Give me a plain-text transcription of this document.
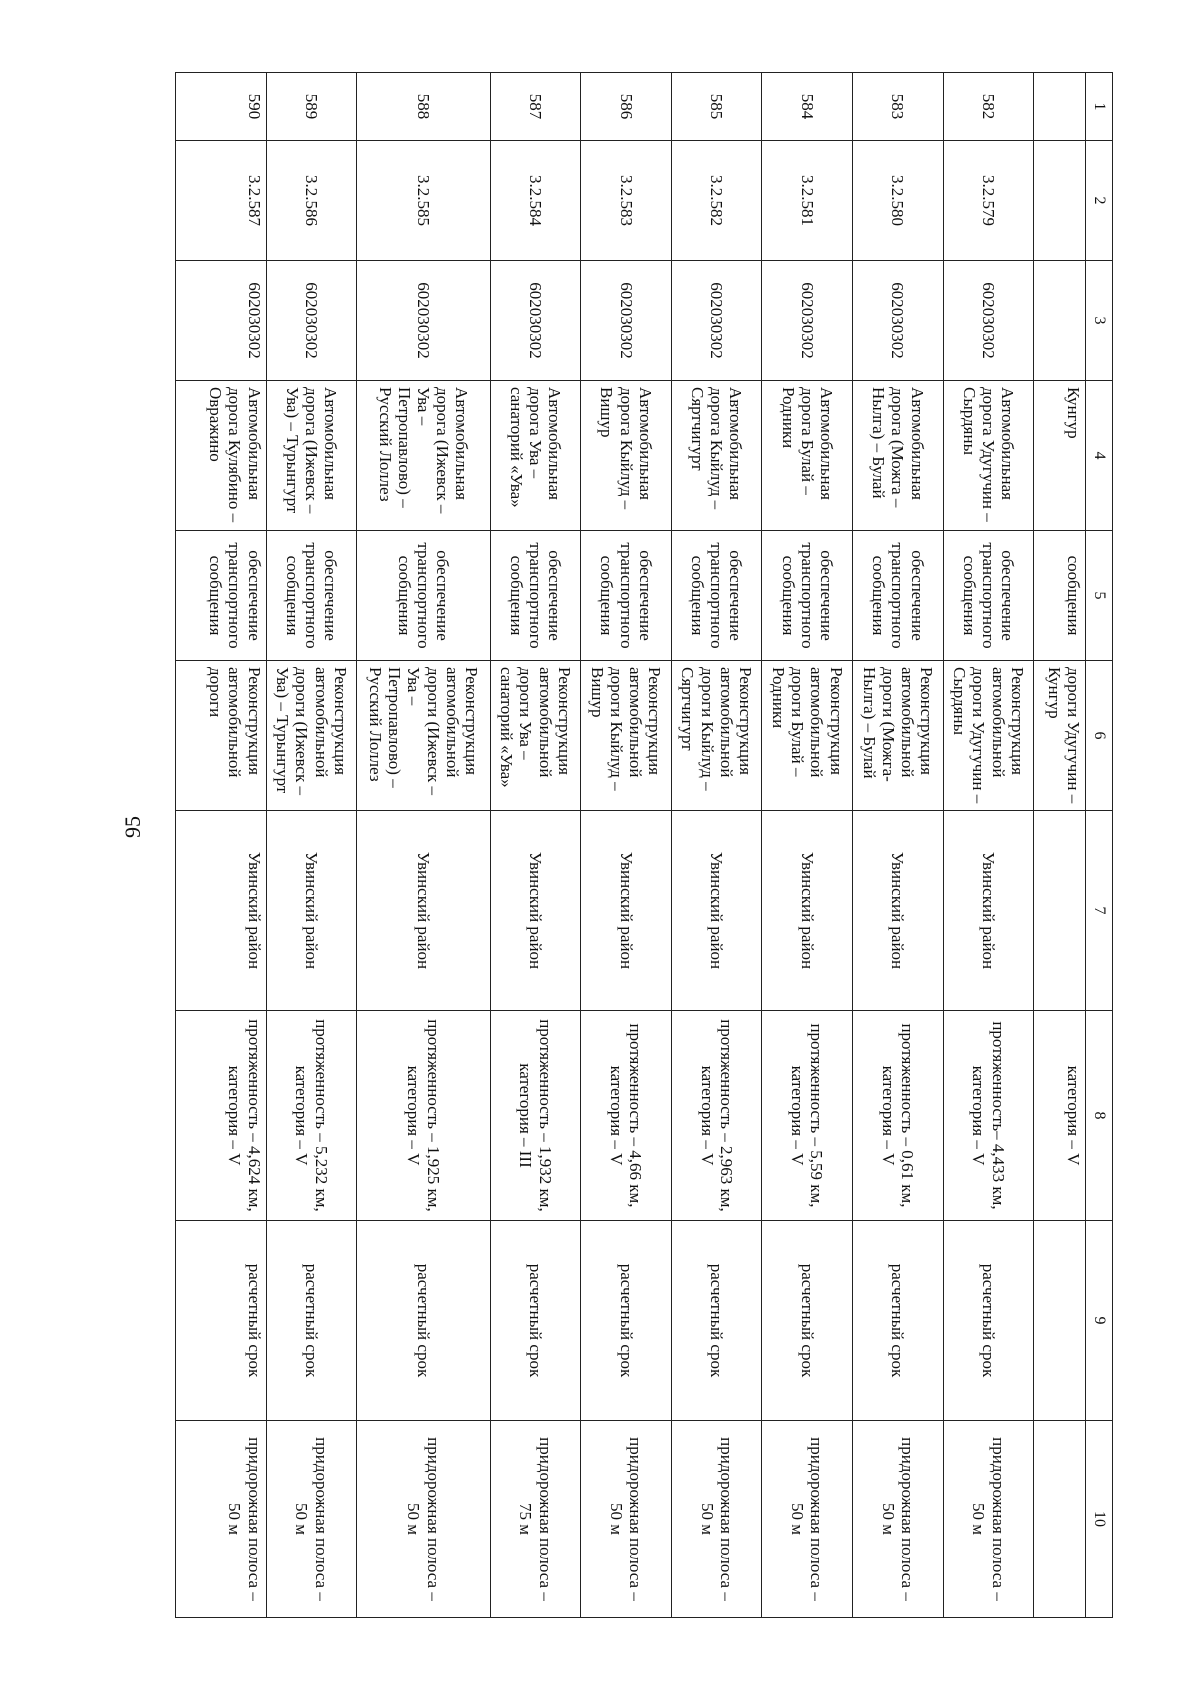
95
1	2	3	4	5	6	7	8	9	10
			Кунгур	сообщения	дороги Удугучин – Кунгур		категория – V		
582	3.2.579	602030302	Автомобильная дорога Удугучин – Сырдяны	обеспечение транспортного сообщения	Реконструкция автомобильной дороги Удугучин – Сырдяны	Увинский район	протяженность– 4,433 км, категория – V	расчетный срок	придорожная полоса – 50 м
583	3.2.580	602030302	Автомобильная дорога (Можга – Нылга) – Булай	обеспечение транспортного сообщения	Реконструкция автомобильной дороги (Можга-Нылга) – Булай	Увинский район	протяженность – 0,61 км, категория – V	расчетный срок	придорожная полоса – 50 м
584	3.2.581	602030302	Автомобильная дорога Булай – Родники	обеспечение транспортного сообщения	Реконструкция автомобильной дороги Булай – Родники	Увинский район	протяженность – 5,59 км, категория – V	расчетный срок	придорожная полоса – 50 м
585	3.2.582	602030302	Автомобильная дорога Кыйлуд – Сяртчигурт	обеспечение транспортного сообщения	Реконструкция автомобильной дороги Кыйлуд – Сяртчигурт	Увинский район	протяженность – 2,963 км, категория – V	расчетный срок	придорожная полоса – 50 м
586	3.2.583	602030302	Автомобильная дорога Кыйлуд – Вишур	обеспечение транспортного сообщения	Реконструкция автомобильной дороги Кыйлуд – Вишур	Увинский район	протяженность – 4,66 км, категория – V	расчетный срок	придорожная полоса – 50 м
587	3.2.584	602030302	Автомобильная дорога Ува – санаторий «Ува»	обеспечение транспортного сообщения	Реконструкция автомобильной дороги Ува – санаторий «Ува»	Увинский район	протяженность – 1,932 км, категория – III	расчетный срок	придорожная полоса – 75 м
588	3.2.585	602030302	Автомобильная дорога (Ижевск – Ува – Петропавлово) – Русский Лоллез	обеспечение транспортного сообщения	Реконструкция автомобильной дороги (Ижевск – Ува – Петропавлово) – Русский Лоллез	Увинский район	протяженность – 1,925 км, категория – V	расчетный срок	придорожная полоса – 50 м
589	3.2.586	602030302	Автомобильная дорога (Ижевск – Ува) – Турынгурт	обеспечение транспортного сообщения	Реконструкция автомобильной дороги (Ижевск – Ува) – Турынгурт	Увинский район	протяженность – 5,232 км, категория – V	расчетный срок	придорожная полоса – 50 м
590	3.2.587	602030302	Автомобильная дорога Кулябино – Овражино	обеспечение транспортного сообщения	Реконструкция автомобильной дороги	Увинский район	протяженность – 4,624 км, категория – V	расчетный срок	придорожная полоса – 50 м
